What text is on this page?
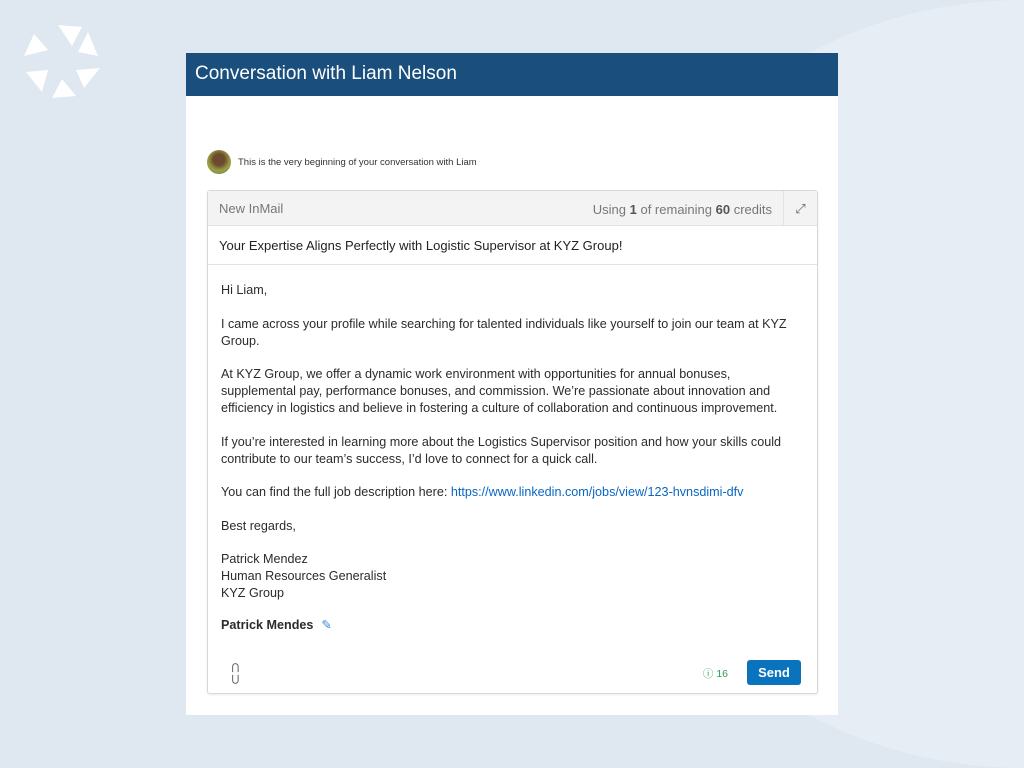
Conversation with Liam Nelson
This is the very beginning of your conversation with Liam
New InMail	Using 1 of remaining 60 credits	⤢
Your Expertise Aligns Perfectly with Logistic Supervisor at KYZ Group!

Hi Liam,

I came across your profile while searching for talented individuals like yourself to join our team at KYZ Group.

At KYZ Group, we offer a dynamic work environment with opportunities for annual bonuses, supplemental pay, performance bonuses, and commission. We’re passionate about innovation and efficiency in logistics and believe in fostering a culture of collaboration and continuous improvement.

If you’re interested in learning more about the Logistics Supervisor position and how your skills could contribute to our team’s success, I’d love to connect for a quick call.

You can find the full job description here: https://www.linkedin.com/jobs/view/123-hvnsdimi-dfv

Best regards,

Patrick Mendez
Human Resources Generalist
KYZ Group

Patrick Mendes ✎
⊂⊃	ⓘ 16	Send
